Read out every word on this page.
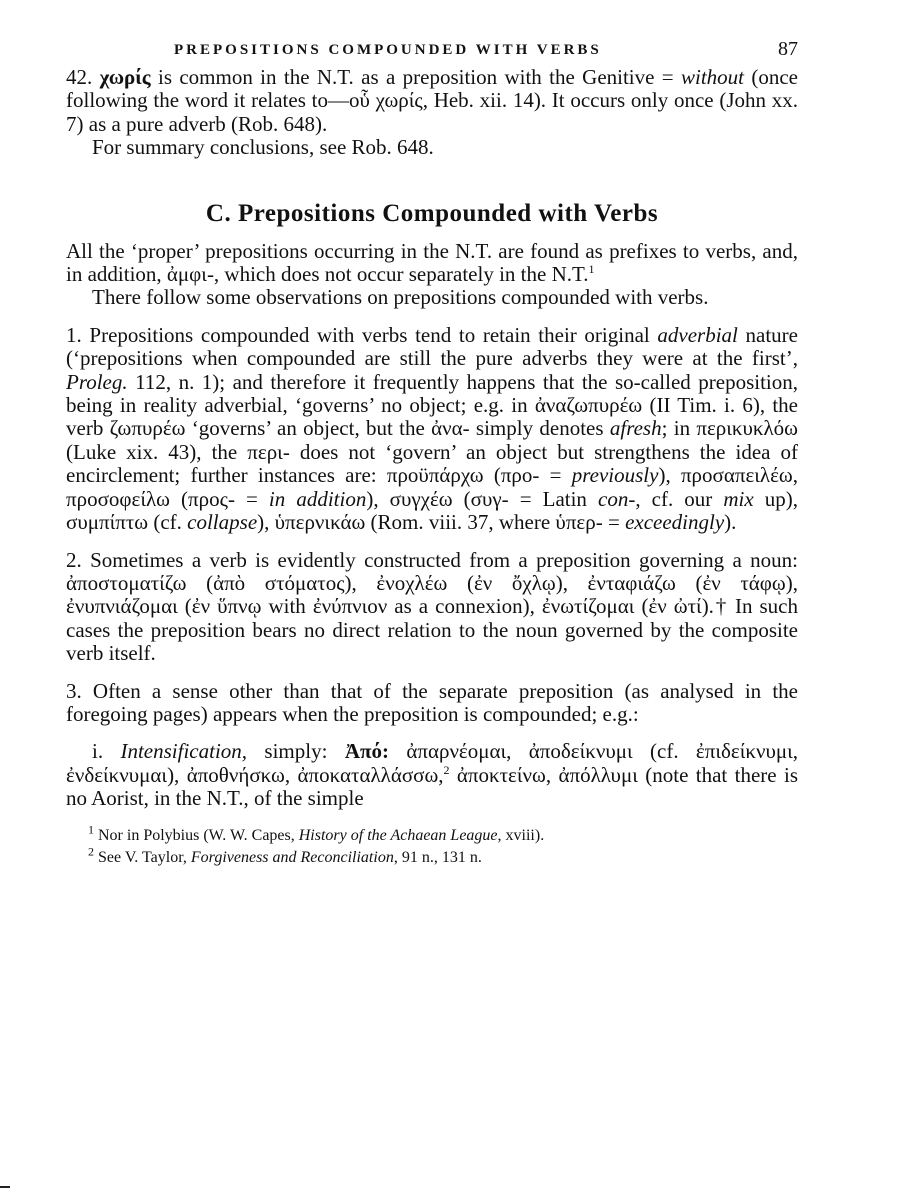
PREPOSITIONS COMPOUNDED WITH VERBS	87

42. χωρίς is common in the N.T. as a preposition with the Genitive = without (once following the word it relates to—οὗ χωρίς, Heb. xii. 14). It occurs only once (John xx. 7) as a pure adverb (Rob. 648).

For summary conclusions, see Rob. 648.

C. Prepositions Compounded with Verbs

All the ‘proper’ prepositions occurring in the N.T. are found as prefixes to verbs, and, in addition, ἀμφι-, which does not occur separately in the N.T.$^1$

There follow some observations on prepositions compounded with verbs.

1. Prepositions compounded with verbs tend to retain their original adverbial nature (‘prepositions when compounded are still the pure adverbs they were at the first’, Proleg. 112, n. 1); and therefore it frequently happens that the so-called preposition, being in reality adverbial, ‘governs’ no object; e.g. in ἀναζωπυρέω (II Tim. i. 6), the verb ζωπυρέω ‘governs’ an object, but the ἀνα- simply denotes afresh; in περικυκλόω (Luke xix. 43), the περι- does not ‘govern’ an object but strengthens the idea of encirclement; further instances are: προϋπάρχω (προ- = previously), προσαπειλέω, προσοφείλω (προς- = in addition), συγχέω (συγ- = Latin con-, cf. our mix up), συμπίπτω (cf. collapse), ὑπερνικάω (Rom. viii. 37, where ὑπερ- = exceedingly).

2. Sometimes a verb is evidently constructed from a preposition governing a noun: ἀποστοματίζω (ἀπὸ στόματος), ἐνοχλέω (ἐν ὄχλῳ), ἐνταφιάζω (ἐν τάφῳ), ἐνυπνιάζομαι (ἐν ὕπνῳ with ἐνύπνιον as a connexion), ἐνωτίζομαι (ἐν ὠτί).† In such cases the preposition bears no direct relation to the noun governed by the composite verb itself.

3. Often a sense other than that of the separate preposition (as analysed in the foregoing pages) appears when the preposition is compounded; e.g.:

i. Intensification, simply: Ἀπό: ἀπαρνέομαι, ἀποδείκνυμι (cf. ἐπιδείκνυμι, ἐνδείκνυμαι), ἀποθνήσκω, ἀποκαταλλάσσω,$^2$ ἀποκτείνω, ἀπόλλυμι (note that there is no Aorist, in the N.T., of the simple

$^1$ Nor in Polybius (W. W. Capes, History of the Achaean League, xviii).

$^2$ See V. Taylor, Forgiveness and Reconciliation, 91 n., 131 n.
